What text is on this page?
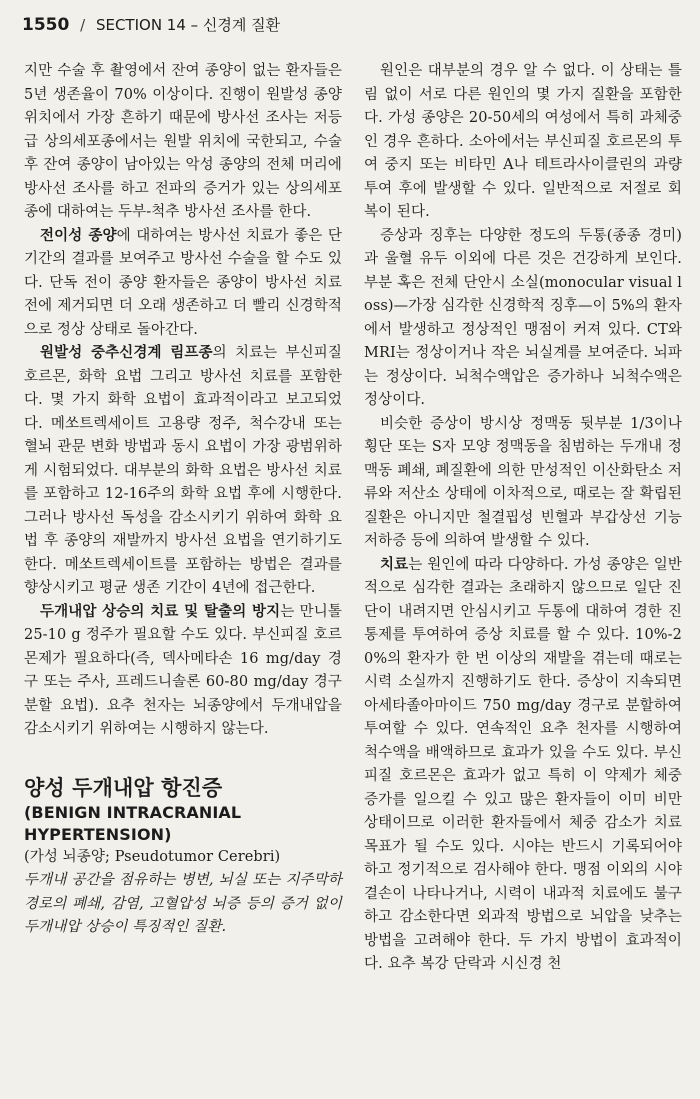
1550 / SECTION 14 – 신경계 질환

지만 수술 후 촬영에서 잔여 종양이 없는 환자들은 5년 생존율이 70% 이상이다. 진행이 원발성 종양 위치에서 가장 흔하기 때문에 방사선 조사는 저등급 상의세포종에서는 원발 위치에 국한되고, 수술 후 잔여 종양이 남아있는 악성 종양의 전체 머리에 방사선 조사를 하고 전파의 증거가 있는 상의세포종에 대하여는 두부-척추 방사선 조사를 한다.

전이성 종양에 대하여는 방사선 치료가 좋은 단기간의 결과를 보여주고 방사선 수술을 할 수도 있다. 단독 전이 종양 환자들은 종양이 방사선 치료 전에 제거되면 더 오래 생존하고 더 빨리 신경학적으로 정상 상태로 돌아간다.

원발성 중추신경계 림프종의 치료는 부신피질 호르몬, 화학 요법 그리고 방사선 치료를 포함한다. 몇 가지 화학 요법이 효과적이라고 보고되었다. 메쏘트렉세이트 고용량 정주, 척수강내 또는 혈뇌 관문 변화 방법과 동시 요법이 가장 광범위하게 시험되었다. 대부분의 화학 요법은 방사선 치료를 포함하고 12-16주의 화학 요법 후에 시행한다. 그러나 방사선 독성을 감소시키기 위하여 화학 요법 후 종양의 재발까지 방사선 요법을 연기하기도 한다. 메쏘트렉세이트를 포함하는 방법은 결과를 향상시키고 평균 생존 기간이 4년에 접근한다.

두개내압 상승의 치료 및 탈출의 방지는 만니톨 25-10 g 정주가 필요할 수도 있다. 부신피질 호르몬제가 필요하다(즉, 덱사메타손 16 mg/day 경구 또는 주사, 프레드니솔론 60-80 mg/day 경구 분할 요법). 요추 천자는 뇌종양에서 두개내압을 감소시키기 위하여는 시행하지 않는다.

양성 두개내압 항진증

(BENIGN INTRACRANIAL
HYPERTENSION)

(가성 뇌종양; Pseudotumor Cerebri)

두개내 공간을 점유하는 병변, 뇌실 또는 지주막하 경로의 폐쇄, 감염, 고혈압성 뇌증 등의 증거 없이 두개내압 상승이 특징적인 질환.

원인은 대부분의 경우 알 수 없다. 이 상태는 틀림 없이 서로 다른 원인의 몇 가지 질환을 포함한다. 가성 종양은 20-50세의 여성에서 특히 과체중인 경우 흔하다. 소아에서는 부신피질 호르몬의 투여 중지 또는 비타민 A나 테트라사이클린의 과량 투여 후에 발생할 수 있다. 일반적으로 저절로 회복이 된다.

증상과 징후는 다양한 정도의 두통(종종 경미)과 울혈 유두 이외에 다른 것은 건강하게 보인다. 부분 혹은 전체 단안시 소실(monocular visual loss)—가장 심각한 신경학적 징후—이 5%의 환자에서 발생하고 정상적인 맹점이 커져 있다. CT와 MRI는 정상이거나 작은 뇌실계를 보여준다. 뇌파는 정상이다. 뇌척수액압은 증가하나 뇌척수액은 정상이다.

비슷한 증상이 방시상 정맥동 뒷부분 1/3이나 횡단 또는 S자 모양 정맥동을 침범하는 두개내 정맥동 폐쇄, 폐질환에 의한 만성적인 이산화탄소 저류와 저산소 상태에 이차적으로, 때로는 잘 확립된 질환은 아니지만 철결핍성 빈혈과 부갑상선 기능 저하증 등에 의하여 발생할 수 있다.

치료는 원인에 따라 다양하다. 가성 종양은 일반적으로 심각한 결과는 초래하지 않으므로 일단 진단이 내려지면 안심시키고 두통에 대하여 경한 진통제를 투여하여 증상 치료를 할 수 있다. 10%-20%의 환자가 한 번 이상의 재발을 겪는데 때로는 시력 소실까지 진행하기도 한다. 증상이 지속되면 아세타졸아마이드 750 mg/day 경구로 분할하여 투여할 수 있다. 연속적인 요추 천자를 시행하여 척수액을 배액하므로 효과가 있을 수도 있다. 부신피질 호르몬은 효과가 없고 특히 이 약제가 체중 증가를 일으킬 수 있고 많은 환자들이 이미 비만 상태이므로 이러한 환자들에서 체중 감소가 치료 목표가 될 수도 있다. 시야는 반드시 기록되어야 하고 정기적으로 검사해야 한다. 맹점 이외의 시야 결손이 나타나거나, 시력이 내과적 치료에도 불구하고 감소한다면 외과적 방법으로 뇌압을 낮추는 방법을 고려해야 한다. 두 가지 방법이 효과적이다. 요추 복강 단락과 시신경 천
